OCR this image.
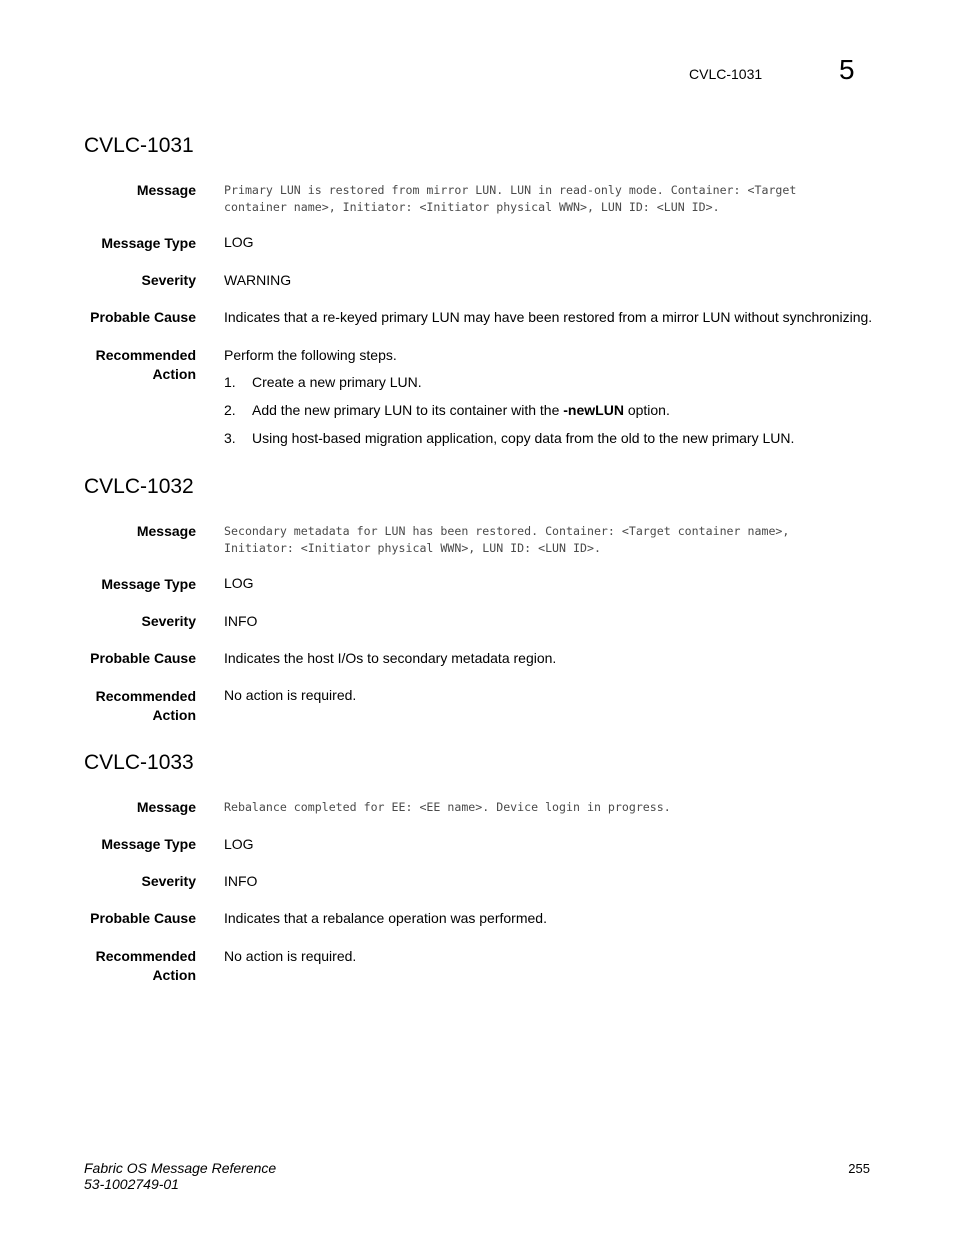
CVLC-1031	5
CVLC-1031
Message Primary LUN is restored from mirror LUN. LUN in read-only mode. Container: <Target
container name>, Initiator: <Initiator physical WWN>, LUN ID: <LUN ID>.
Message Type LOG
Severity WARNING
Probable Cause Indicates that a re-keyed primary LUN may have been restored from a mirror LUN without synchronizing.
Recommended
Action
Perform the following steps.
1. Create a new primary LUN.
2. Add the new primary LUN to its container with the -newLUN option.
3. Using host-based migration application, copy data from the old to the new primary LUN.
CVLC-1032
Message Secondary metadata for LUN has been restored. Container: <Target container name>,
Initiator: <Initiator physical WWN>, LUN ID: <LUN ID>.
Message Type LOG
Severity INFO
Probable Cause Indicates the host I/Os to secondary metadata region.
Recommended
Action
No action is required.
CVLC-1033
Message Rebalance completed for EE: <EE name>. Device login in progress.
Message Type LOG
Severity INFO
Probable Cause Indicates that a rebalance operation was performed.
Recommended
Action
No action is required.
Fabric OS Message Reference
53-1002749-01
255
